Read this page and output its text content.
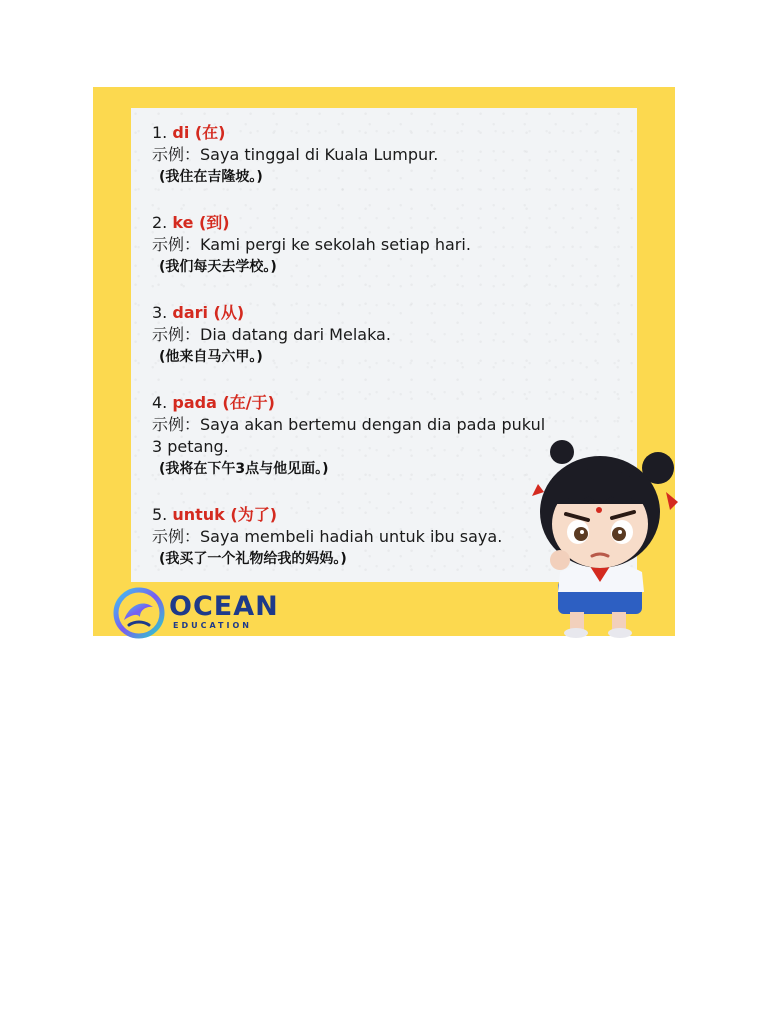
1. di (在)
示例：Saya tinggal di Kuala Lumpur.
(我住在吉隆坡。)
2. ke (到)
示例：Kami pergi ke sekolah setiap hari.
(我们每天去学校。)
3. dari (从)
示例：Dia datang dari Melaka.
(他来自马六甲。)
4. pada (在/于)
示例：Saya akan bertemu dengan dia pada pukul
3 petang.
(我将在下午3点与他见面。)
5. untuk (为了)
示例：Saya membeli hadiah untuk ibu saya.
(我买了一个礼物给我的妈妈。)
OCEAN
EDUCATION
